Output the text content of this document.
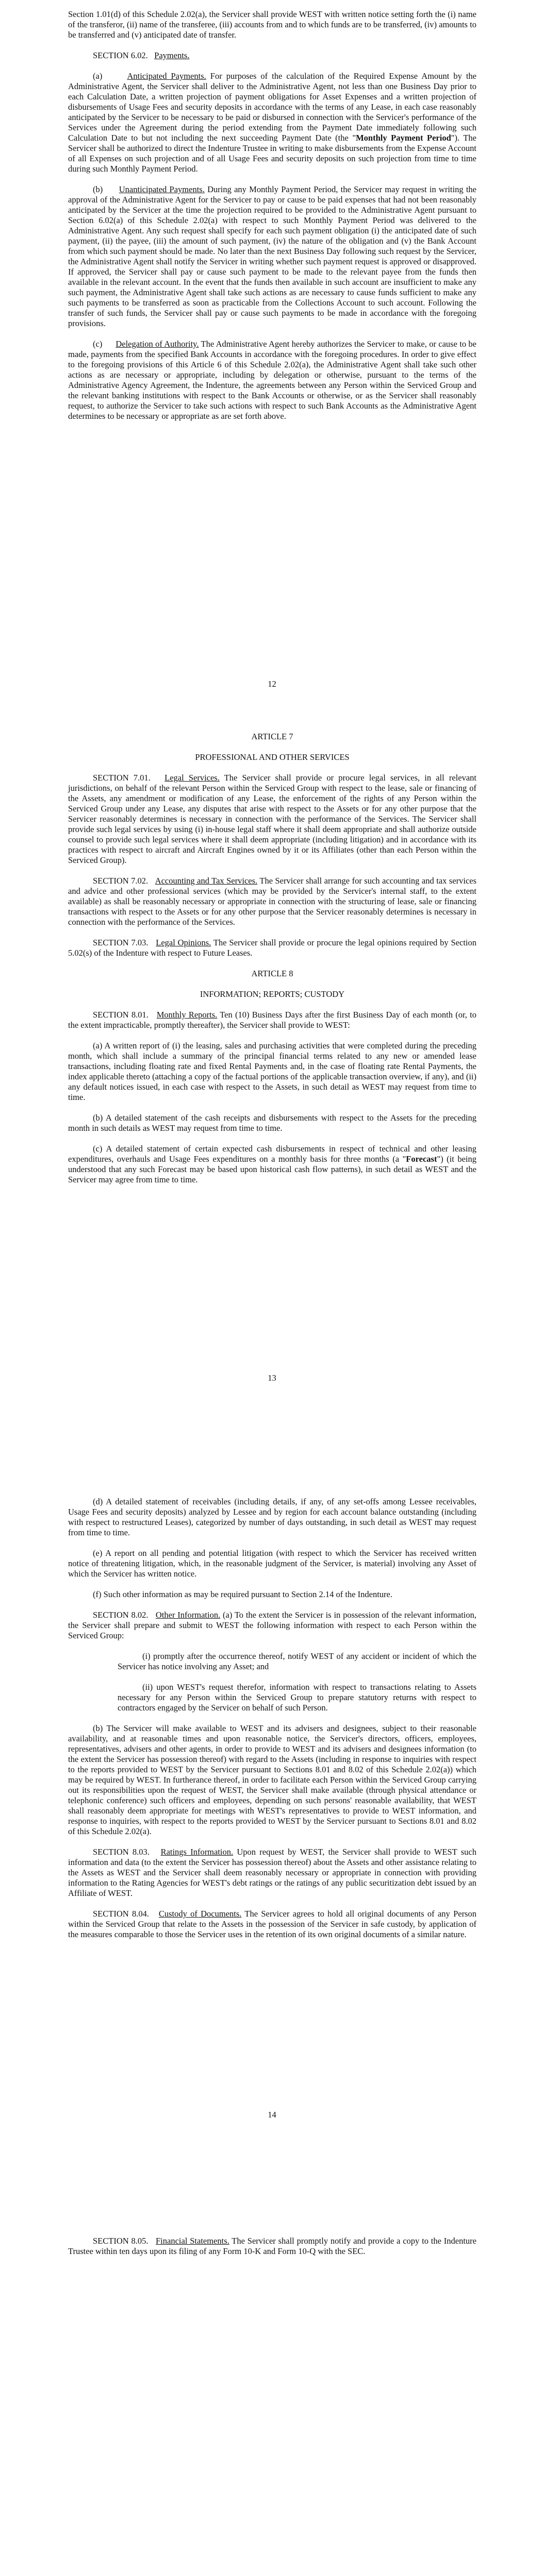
Section 1.01(d) of this Schedule 2.02(a), the Servicer shall provide WEST with written notice setting forth the (i) name of the transferor, (ii) name of the transferee, (iii) accounts from and to which funds are to be transferred, (iv) amounts to be transferred and (v) anticipated date of transfer.

SECTION 6.02. Payments.

(a)	Anticipated Payments. For purposes of the calculation of the Required Expense Amount by the Administrative Agent, the Servicer shall deliver to the Administrative Agent, not less than one Business Day prior to each Calculation Date, a written projection of payment obligations for Asset Expenses and a written projection of disbursements of Usage Fees and security deposits in accordance with the terms of any Lease, in each case reasonably anticipated by the Servicer to be necessary to be paid or disbursed in connection with the Servicer's performance of the Services under the Agreement during the period extending from the Payment Date immediately following such Calculation Date to but not including the next succeeding Payment Date (the "Monthly Payment Period"). The Servicer shall be authorized to direct the Indenture Trustee in writing to make disbursements from the Expense Account of all Expenses on such projection and of all Usage Fees and security deposits on such projection from time to time during such Monthly Payment Period.

(b) Unanticipated Payments. During any Monthly Payment Period, the Servicer may request in writing the approval of the Administrative Agent for the Servicer to pay or cause to be paid expenses that had not been reasonably anticipated by the Servicer at the time the projection required to be provided to the Administrative Agent pursuant to Section 6.02(a) of this Schedule 2.02(a) with respect to such Monthly Payment Period was delivered to the Administrative Agent. Any such request shall specify for each such payment obligation (i) the anticipated date of such payment, (ii) the payee, (iii) the amount of such payment, (iv) the nature of the obligation and (v) the Bank Account from which such payment should be made. No later than the next Business Day following such request by the Servicer, the Administrative Agent shall notify the Servicer in writing whether such payment request is approved or disapproved. If approved, the Servicer shall pay or cause such payment to be made to the relevant payee from the funds then available in the relevant account. In the event that the funds then available in such account are insufficient to make any such payment, the Administrative Agent shall take such actions as are necessary to cause funds sufficient to make any such payments to be transferred as soon as practicable from the Collections Account to such account. Following the transfer of such funds, the Servicer shall pay or cause such payments to be made in accordance with the foregoing provisions.

(c) Delegation of Authority. The Administrative Agent hereby authorizes the Servicer to make, or cause to be made, payments from the specified Bank Accounts in accordance with the foregoing procedures. In order to give effect to the foregoing provisions of this Article 6 of this Schedule 2.02(a), the Administrative Agent shall take such other actions as are necessary or appropriate, including by delegation or otherwise, pursuant to the terms of the Administrative Agency Agreement, the Indenture, the agreements between any Person within the Serviced Group and the relevant banking institutions with respect to the Bank Accounts or otherwise, or as the Servicer shall reasonably request, to authorize the Servicer to take such actions with respect to such Bank Accounts as the Administrative Agent determines to be necessary or appropriate as are set forth above.

12

ARTICLE 7

PROFESSIONAL AND OTHER SERVICES

SECTION 7.01. Legal Services. The Servicer shall provide or procure legal services, in all relevant jurisdictions, on behalf of the relevant Person within the Serviced Group with respect to the lease, sale or financing of the Assets, any amendment or modification of any Lease, the enforcement of the rights of any Person within the Serviced Group under any Lease, any disputes that arise with respect to the Assets or for any other purpose that the Servicer reasonably determines is necessary in connection with the performance of the Services. The Servicer shall provide such legal services by using (i) in-house legal staff where it shall deem appropriate and shall authorize outside counsel to provide such legal services where it shall deem appropriate (including litigation) and in accordance with its practices with respect to aircraft and Aircraft Engines owned by it or its Affiliates (other than each Person within the Serviced Group).

SECTION 7.02. Accounting and Tax Services. The Servicer shall arrange for such accounting and tax services and advice and other professional services (which may be provided by the Servicer's internal staff, to the extent available) as shall be reasonably necessary or appropriate in connection with the structuring of lease, sale or financing transactions with respect to the Assets or for any other purpose that the Servicer reasonably determines is necessary in connection with the performance of the Services.

SECTION 7.03. Legal Opinions. The Servicer shall provide or procure the legal opinions required by Section 5.02(s) of the Indenture with respect to Future Leases.

ARTICLE 8

INFORMATION; REPORTS; CUSTODY

SECTION 8.01. Monthly Reports. Ten (10) Business Days after the first Business Day of each month (or, to the extent impracticable, promptly thereafter), the Servicer shall provide to WEST:

(a) A written report of (i) the leasing, sales and purchasing activities that were completed during the preceding month, which shall include a summary of the principal financial terms related to any new or amended lease transactions, including floating rate and fixed Rental Payments and, in the case of floating rate Rental Payments, the index applicable thereto (attaching a copy of the factual portions of the applicable transaction overview, if any), and (ii) any default notices issued, in each case with respect to the Assets, in such detail as WEST may request from time to time.

(b) A detailed statement of the cash receipts and disbursements with respect to the Assets for the preceding month in such details as WEST may request from time to time.

(c) A detailed statement of certain expected cash disbursements in respect of technical and other leasing expenditures, overhauls and Usage Fees expenditures on a monthly basis for three months (a "Forecast") (it being understood that any such Forecast may be based upon historical cash flow patterns), in such detail as WEST and the Servicer may agree from time to time.

13

(d) A detailed statement of receivables (including details, if any, of any set-offs among Lessee receivables, Usage Fees and security deposits) analyzed by Lessee and by region for each account balance outstanding (including with respect to restructured Leases), categorized by number of days outstanding, in such detail as WEST may request from time to time.

(e) A report on all pending and potential litigation (with respect to which the Servicer has received written notice of threatening litigation, which, in the reasonable judgment of the Servicer, is material) involving any Asset of which the Servicer has written notice.

(f) Such other information as may be required pursuant to Section 2.14 of the Indenture.

SECTION 8.02. Other Information. (a) To the extent the Servicer is in possession of the relevant information, the Servicer shall prepare and submit to WEST the following information with respect to each Person within the Serviced Group:

(i) promptly after the occurrence thereof, notify WEST of any accident or incident of which the Servicer has notice involving any Asset; and

(ii) upon WEST's request therefor, information with respect to transactions relating to Assets necessary for any Person within the Serviced Group to prepare statutory returns with respect to contractors engaged by the Servicer on behalf of such Person.

(b) The Servicer will make available to WEST and its advisers and designees, subject to their reasonable availability, and at reasonable times and upon reasonable notice, the Servicer's directors, officers, employees, representatives, advisers and other agents, in order to provide to WEST and its advisers and designees information (to the extent the Servicer has possession thereof) with regard to the Assets (including in response to inquiries with respect to the reports provided to WEST by the Servicer pursuant to Sections 8.01 and 8.02 of this Schedule 2.02(a)) which may be required by WEST. In furtherance thereof, in order to facilitate each Person within the Serviced Group carrying out its responsibilities upon the request of WEST, the Servicer shall make available (through physical attendance or telephonic conference) such officers and employees, depending on such persons' reasonable availability, that WEST shall reasonably deem appropriate for meetings with WEST's representatives to provide to WEST information, and response to inquiries, with respect to the reports provided to WEST by the Servicer pursuant to Sections 8.01 and 8.02 of this Schedule 2.02(a).

SECTION 8.03. Ratings Information. Upon request by WEST, the Servicer shall provide to WEST such information and data (to the extent the Servicer has possession thereof) about the Assets and other assistance relating to the Assets as WEST and the Servicer shall deem reasonably necessary or appropriate in connection with providing information to the Rating Agencies for WEST's debt ratings or the ratings of any public securitization debt issued by an Affiliate of WEST.

SECTION 8.04. Custody of Documents. The Servicer agrees to hold all original documents of any Person within the Serviced Group that relate to the Assets in the possession of the Servicer in safe custody, by application of the measures comparable to those the Servicer uses in the retention of its own original documents of a similar nature.

14

SECTION 8.05. Financial Statements. The Servicer shall promptly notify and provide a copy to the Indenture Trustee within ten days upon its filing of any Form 10-K and Form 10-Q with the SEC.
